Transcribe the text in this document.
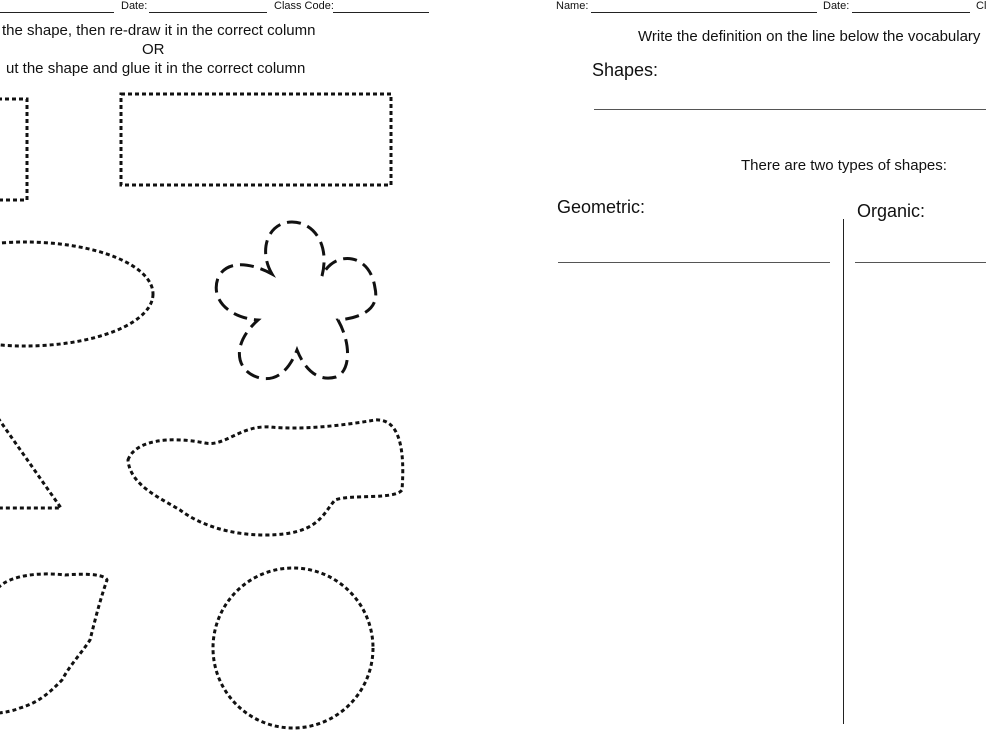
Date:	Class Code:
the shape, then re-draw it in the correct column
OR
ut the shape and glue it in the correct column
Name:	Date:	Cl
Write the definition on the line below the vocabulary
Shapes:
There are two types of shapes:
Geometric:	Organic:
